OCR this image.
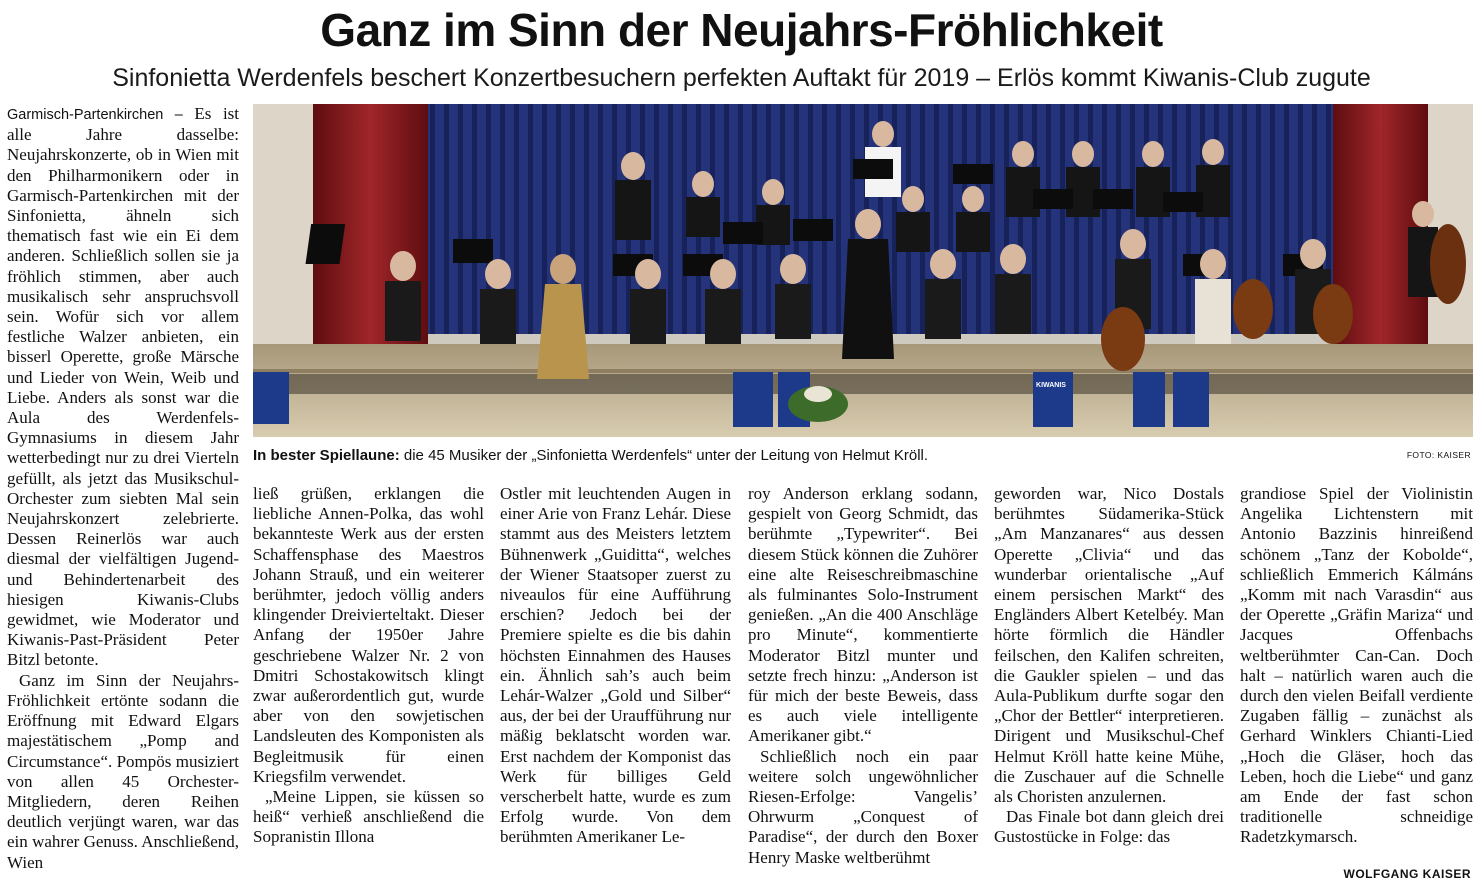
Ganz im Sinn der Neujahrs-Fröhlichkeit
Sinfonietta Werdenfels beschert Konzertbesuchern perfekten Auftakt für 2019 – Erlös kommt Kiwanis-Club zugute

Garmisch-Partenkirchen – Es ist alle Jahre dasselbe: Neujahrskonzerte, ob in Wien mit den Philharmonikern oder in Garmisch-Partenkirchen mit der Sinfonietta, ähneln sich thematisch fast wie ein Ei dem anderen. Schließlich sollen sie ja fröhlich stimmen, aber auch musikalisch sehr anspruchsvoll sein. Wofür sich vor allem festliche Walzer anbieten, ein bisserl Operette, große Märsche und Lieder von Wein, Weib und Liebe. Anders als sonst war die Aula des Werdenfels-Gymnasiums in diesem Jahr wetterbedingt nur zu drei Vierteln gefüllt, als jetzt das Musikschul-Orchester zum siebten Mal sein Neujahrskonzert zelebrierte. Dessen Reinerlös war auch diesmal der vielfältigen Jugend- und Behindertenarbeit des hiesigen Kiwanis-Clubs gewidmet, wie Moderator und Kiwanis-Past-Präsident Peter Bitzl betonte.

Ganz im Sinn der Neujahrs-Fröhlichkeit ertönte sodann die Eröffnung mit Edward Elgars majestätischem „Pomp and Circumstance“. Pompös musiziert von allen 45 Orchester-Mitgliedern, deren Reihen deutlich verjüngt waren, war das ein wahrer Genuss. Anschließend, Wien

KIWANIS
In bester Spiellaune: die 45 Musiker der „Sinfonietta Werdenfels“ unter der Leitung von Helmut Kröll.	FOTO: KAISER

ließ grüßen, erklangen die liebliche Annen-Polka, das wohl bekannteste Werk aus der ersten Schaffensphase des Maestros Johann Strauß, und ein weiterer berühmter, jedoch völlig anders klingender Dreivierteltakt. Dieser Anfang der 1950er Jahre geschriebene Walzer Nr. 2 von Dmitri Schostakowitsch klingt zwar außerordentlich gut, wurde aber von den sowjetischen Landsleuten des Komponisten als Begleitmusik für einen Kriegsfilm verwendet.

„Meine Lippen, sie küssen so heiß“ verhieß anschließend die Sopranistin Illona

Ostler mit leuchtenden Augen in einer Arie von Franz Lehár. Diese stammt aus des Meisters letztem Bühnenwerk „Guiditta“, welches der Wiener Staatsoper zuerst zu niveaulos für eine Aufführung erschien? Jedoch bei der Premiere spielte es die bis dahin höchsten Einnahmen des Hauses ein. Ähnlich sah’s auch beim Lehár-Walzer „Gold und Silber“ aus, der bei der Uraufführung nur mäßig beklatscht worden war. Erst nachdem der Komponist das Werk für billiges Geld verscherbelt hatte, wurde es zum Erfolg wurde. Von dem berühmten Amerikaner Le-

roy Anderson erklang sodann, gespielt von Georg Schmidt, das berühmte „Typewriter“. Bei diesem Stück können die Zuhörer eine alte Reiseschreibmaschine als fulminantes Solo-Instrument genießen. „An die 400 Anschläge pro Minute“, kommentierte Moderator Bitzl munter und setzte frech hinzu: „Anderson ist für mich der beste Beweis, dass es auch viele intelligente Amerikaner gibt.“

Schließlich noch ein paar weitere solch ungewöhnlicher Riesen-Erfolge: Vangelis’ Ohrwurm „Conquest of Paradise“, der durch den Boxer Henry Maske weltberühmt

geworden war, Nico Dostals berühmtes Südamerika-Stück „Am Manzanares“ aus dessen Operette „Clivia“ und das wunderbar orientalische „Auf einem persischen Markt“ des Engländers Albert Ketelbéy. Man hörte förmlich die Händler feilschen, den Kalifen schreiten, die Gaukler spielen – und das Aula-Publikum durfte sogar den „Chor der Bettler“ interpretieren. Dirigent und Musikschul-Chef Helmut Kröll hatte keine Mühe, die Zuschauer auf die Schnelle als Choristen anzulernen.

Das Finale bot dann gleich drei Gustostücke in Folge: das

grandiose Spiel der Violinistin Angelika Lichtenstern mit Antonio Bazzinis hinreißend schönem „Tanz der Kobolde“, schließlich Emmerich Kálmáns „Komm mit nach Varasdin“ aus der Operette „Gräfin Mariza“ und Jacques Offenbachs weltberühmter Can-Can. Doch halt – natürlich waren auch die durch den vielen Beifall verdiente Zugaben fällig – zunächst als Gerhard Winklers Chianti-Lied „Hoch die Gläser, hoch das Leben, hoch die Liebe“ und ganz am Ende der fast schon traditionelle schneidige Radetzkymarsch.

WOLFGANG KAISER
